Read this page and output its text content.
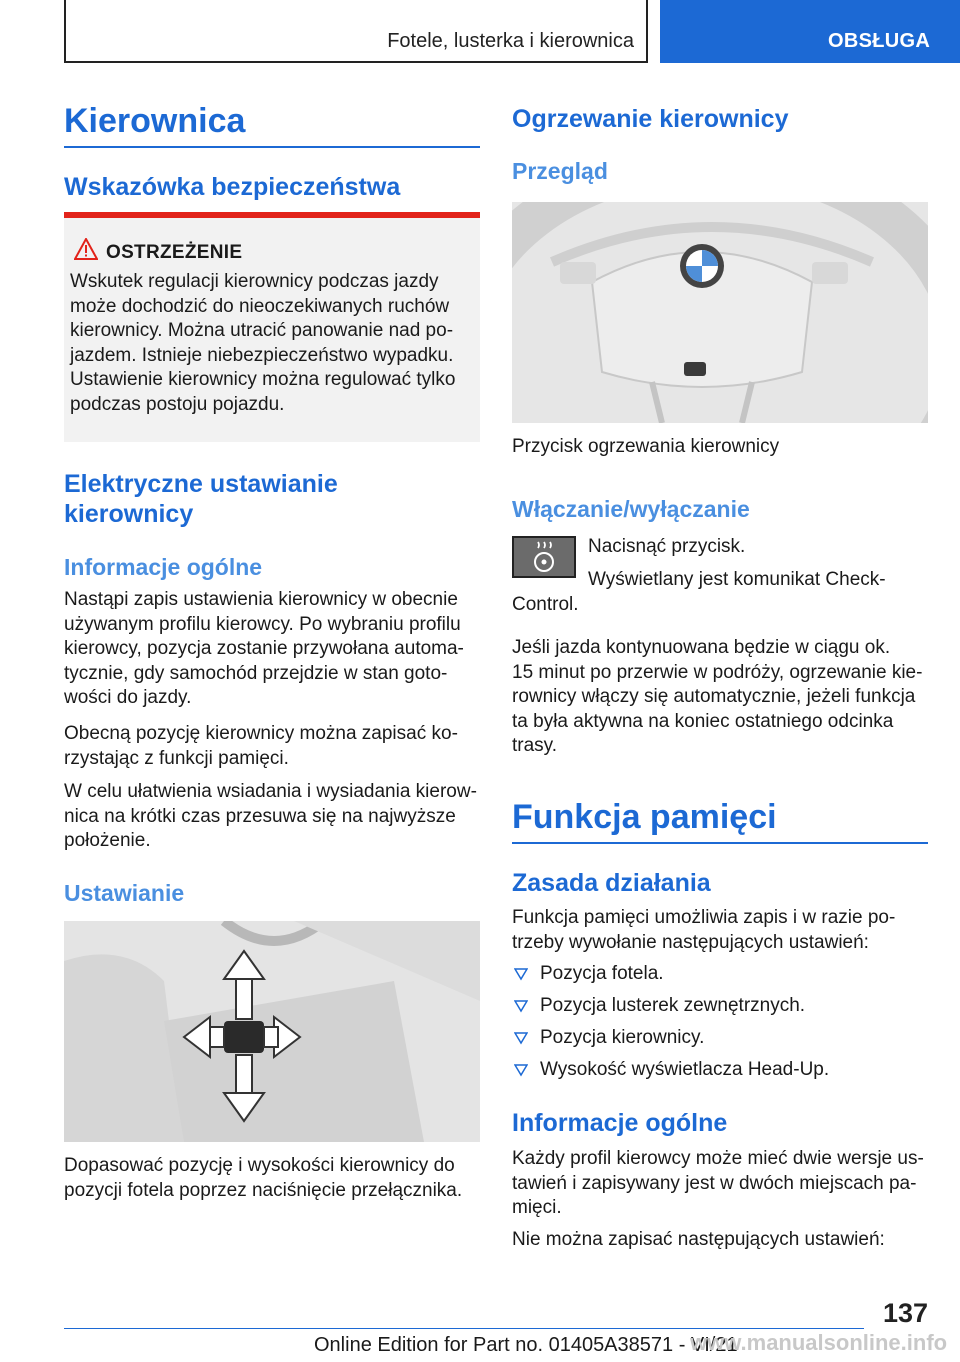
Fotele, lusterka i kierownica	OBSŁUGA
Kierownica
Wskazówka bezpieczeństwa
OSTRZEŻENIE
Wskutek regulacji kierownicy podczas jazdy
może dochodzić do nieoczekiwanych ruchów
kierownicy. Można utracić panowanie nad po-
jazdem. Istnieje niebezpieczeństwo wypadku.
Ustawienie kierownicy można regulować tylko
podczas postoju pojazdu.
Elektryczne ustawianie
kierownicy
Informacje ogólne
Nastąpi zapis ustawienia kierownicy w obecnie
używanym profilu kierowcy. Po wybraniu profilu
kierowcy, pozycja zostanie przywołana automa-
tycznie, gdy samochód przejdzie w stan goto-
wości do jazdy.
Obecną pozycję kierownicy można zapisać ko-
rzystając z funkcji pamięci.
W celu ułatwienia wsiadania i wysiadania kierow-
nica na krótki czas przesuwa się na najwyższe
położenie.
Ustawianie
Dopasować pozycję i wysokości kierownicy do
pozycji fotela poprzez naciśnięcie przełącznika.
Ogrzewanie kierownicy
Przegląd
Przycisk ogrzewania kierownicy
Włączanie/wyłączanie
Nacisnąć przycisk.
Wyświetlany jest komunikat Check-
Control.
Jeśli jazda kontynuowana będzie w ciągu ok.
15 minut po przerwie w podróży, ogrzewanie kie-
rownicy włączy się automatycznie, jeżeli funkcja
ta była aktywna na koniec ostatniego odcinka
trasy.
Funkcja pamięci
Zasada działania
Funkcja pamięci umożliwia zapis i w razie po-
trzeby wywołanie następujących ustawień:
Pozycja fotela.
Pozycja lusterek zewnętrznych.
Pozycja kierownicy.
Wysokość wyświetlacza Head-Up.
Informacje ogólne
Każdy profil kierowcy może mieć dwie wersje us-
tawień i zapisywany jest w dwóch miejscach pa-
mięci.
Nie można zapisać następujących ustawień:
137
Online Edition for Part no. 01405A38571 - VI/21
www.manualsonline.info
